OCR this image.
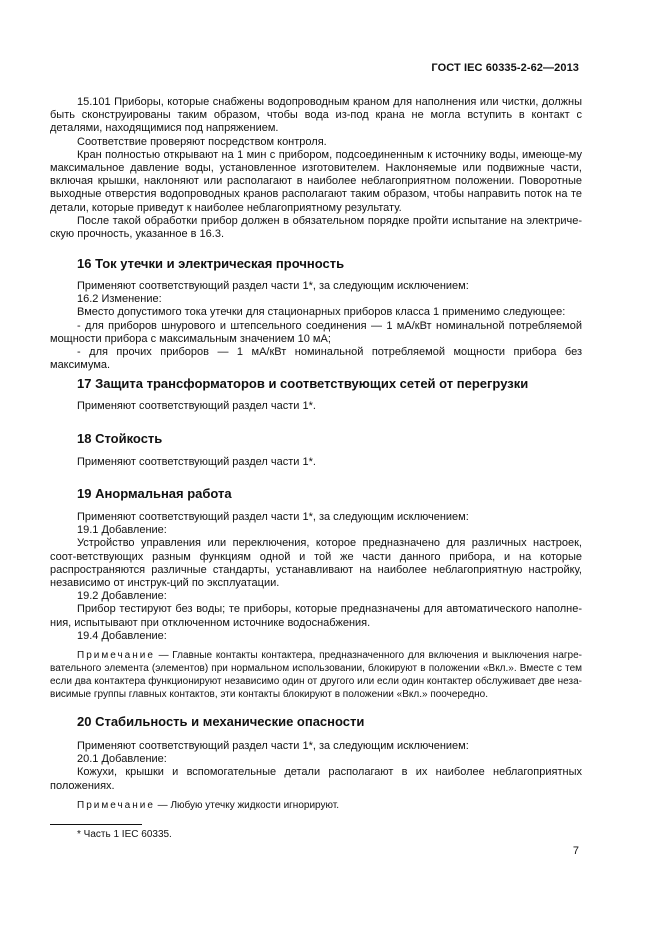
ГОСТ IEC 60335-2-62—2013

15.101 Приборы, которые снабжены водопроводным краном для наполнения или чистки, должны быть сконструированы таким образом, чтобы вода из-под крана не могла вступить в контакт с деталями, находящимися под напряжением.

Соответствие проверяют посредством контроля.

Кран полностью открывают на 1 мин с прибором, подсоединенным к источнику воды, имеюще-му максимальное давление воды, установленное изготовителем. Наклоняемые или подвижные части, включая крышки, наклоняют или располагают в наиболее неблагоприятном положении. Поворотные выходные отверстия водопроводных кранов располагают таким образом, чтобы направить поток на те детали, которые приведут к наиболее неблагоприятному результату.

После такой обработки прибор должен в обязательном порядке пройти испытание на электриче-скую прочность, указанное в 16.3.

16 Ток утечки и электрическая прочность

Применяют соответствующий раздел части 1*, за следующим исключением:

16.2 Изменение:

Вместо допустимого тока утечки для стационарных приборов класса 1 применимо следующее:

- для приборов шнурового и штепсельного соединения — 1 мА/кВт номинальной потребляемой мощности прибора с максимальным значением 10 мА;

- для прочих приборов — 1 мА/кВт номинальной потребляемой мощности прибора без максимума.

17 Защита трансформаторов и соответствующих сетей от перегрузки

Применяют соответствующий раздел части 1*.

18 Стойкость

Применяют соответствующий раздел части 1*.

19 Анормальная работа

Применяют соответствующий раздел части 1*, за следующим исключением:

19.1 Добавление:

Устройство управления или переключения, которое предназначено для различных настроек, соот-ветствующих разным функциям одной и той же части данного прибора, и на которые распространяются различные стандарты, устанавливают на наиболее неблагоприятную настройку, независимо от инструк-ций по эксплуатации.

19.2 Добавление:

Прибор тестируют без воды; те приборы, которые предназначены для автоматического наполне-ния, испытывают при отключенном источнике водоснабжения.

19.4 Добавление:

Примечание — Главные контакты контактера, предназначенного для включения и выключения нагре-вательного элемента (элементов) при нормальном использовании, блокируют в положении «Вкл.». Вместе с тем если два контактера функционируют независимо один от другого или если один контактер обслуживает две неза-висимые группы главных контактов, эти контакты блокируют в положении «Вкл.» поочередно.

20 Стабильность и механические опасности

Применяют соответствующий раздел части 1*, за следующим исключением:

20.1 Добавление:

Кожухи, крышки и вспомогательные детали располагают в их наиболее неблагоприятных положениях.

Примечание — Любую утечку жидкости игнорируют.

* Часть 1 IEC 60335.
7
